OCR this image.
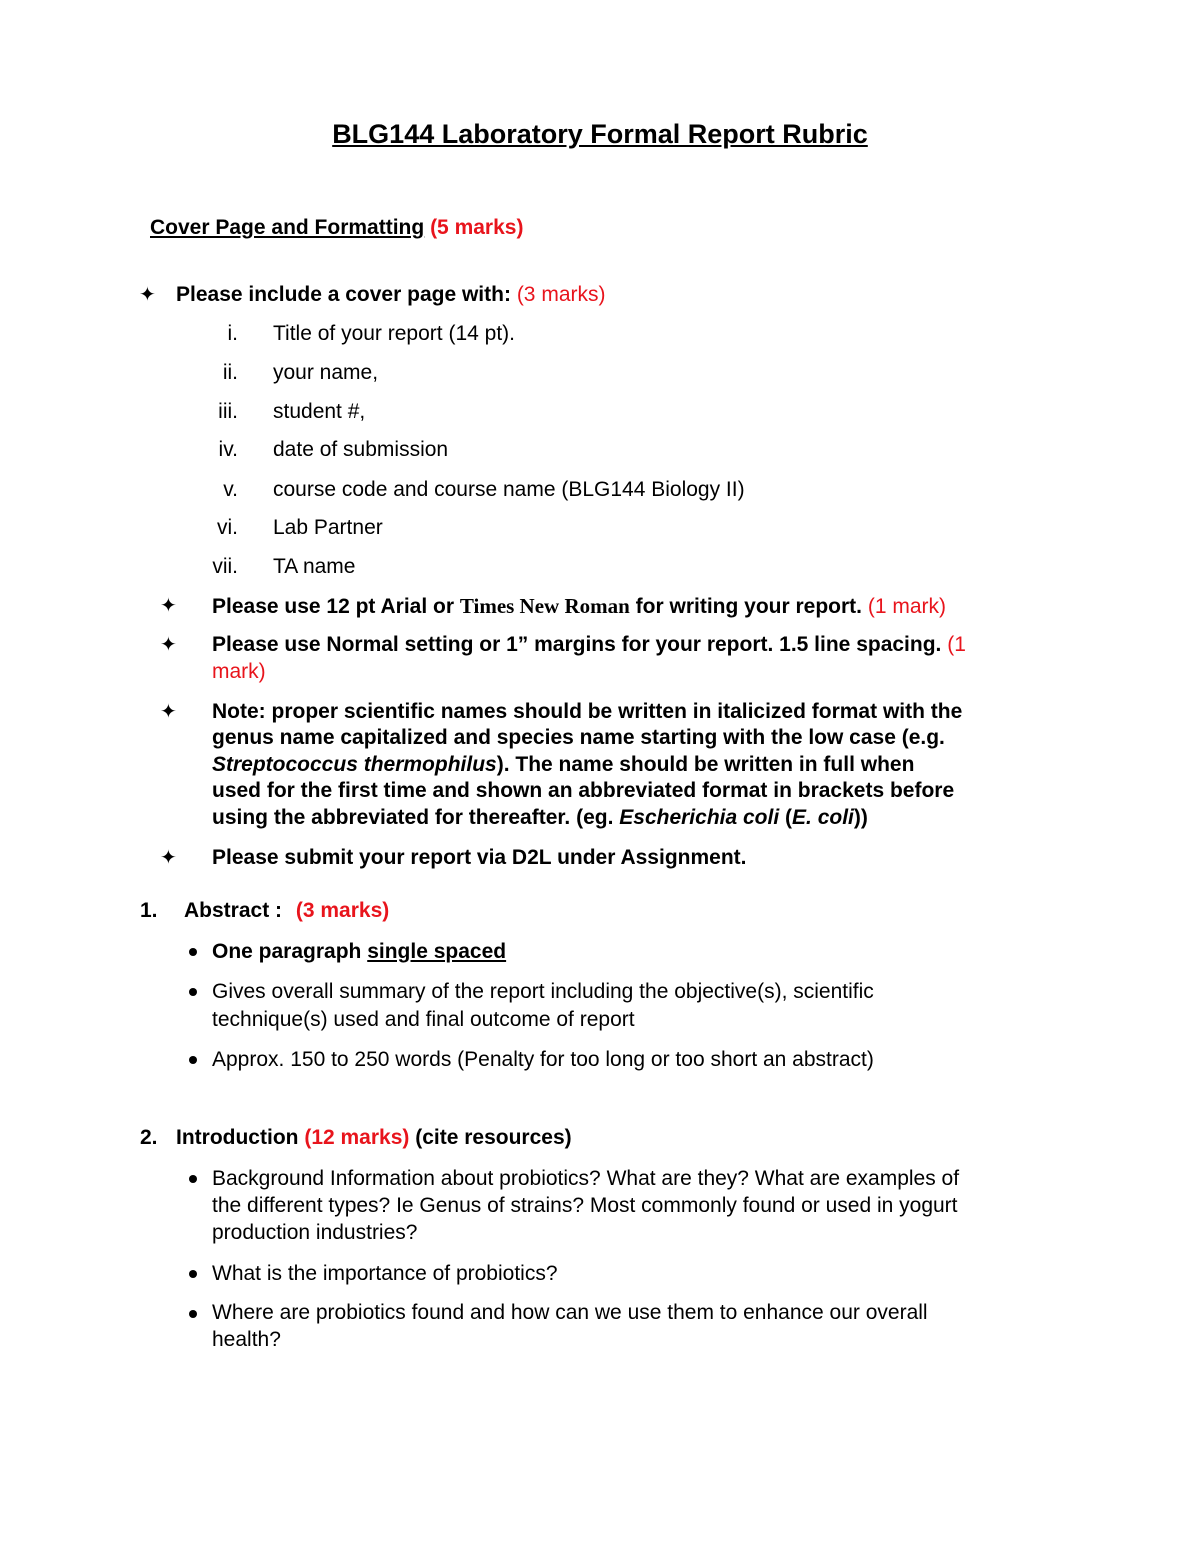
BLG144 Laboratory Formal Report Rubric
Cover Page and Formatting (5 marks)
✦ Please include a cover page with: (3 marks)
i. Title of your report (14 pt).
ii. your name,
iii. student #,
iv. date of submission
v. course code and course name (BLG144 Biology II)
vi. Lab Partner
vii. TA name
✦ Please use 12 pt Arial or Times New Roman for writing your report. (1 mark)
✦ Please use Normal setting or 1” margins for your report. 1.5 line spacing. (1
mark)
✦ Note: proper scientific names should be written in italicized format with the
genus name capitalized and species name starting with the low case (e.g.
Streptococcus thermophilus). The name should be written in full when
used for the first time and shown an abbreviated format in brackets before
using the abbreviated for thereafter. (eg. Escherichia coli (E. coli))
✦ Please submit your report via D2L under Assignment.
1. Abstract : (3 marks)
One paragraph single spaced
Gives overall summary of the report including the objective(s), scientific
technique(s) used and final outcome of report
Approx. 150 to 250 words (Penalty for too long or too short an abstract)
2. Introduction (12 marks) (cite resources)
Background Information about probiotics? What are they? What are examples of
the different types? Ie Genus of strains? Most commonly found or used in yogurt
production industries?
What is the importance of probiotics?
Where are probiotics found and how can we use them to enhance our overall
health?
